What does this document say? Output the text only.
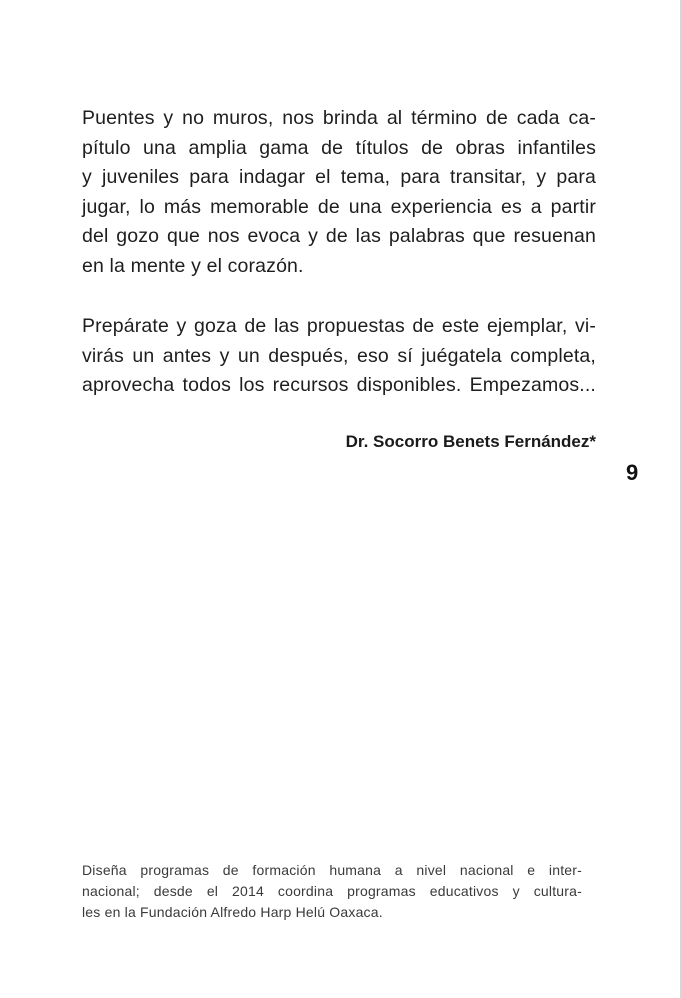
Puentes y no muros, nos brinda al término de cada ca-
pítulo una amplia gama de títulos de obras infantiles
y juveniles para indagar el tema, para transitar, y para
jugar, lo más memorable de una experiencia es a partir
del gozo que nos evoca y de las palabras que resuenan
en la mente y el corazón.
Prepárate y goza de las propuestas de este ejemplar, vi-
virás un antes y un después, eso sí juégatela completa,
aprovecha todos los recursos disponibles. Empezamos...
Dr. Socorro Benets Fernández*
9
Diseña programas de formación humana a nivel nacional e inter-
nacional; desde el 2014 coordina programas educativos y cultura-
les en la Fundación Alfredo Harp Helú Oaxaca.
